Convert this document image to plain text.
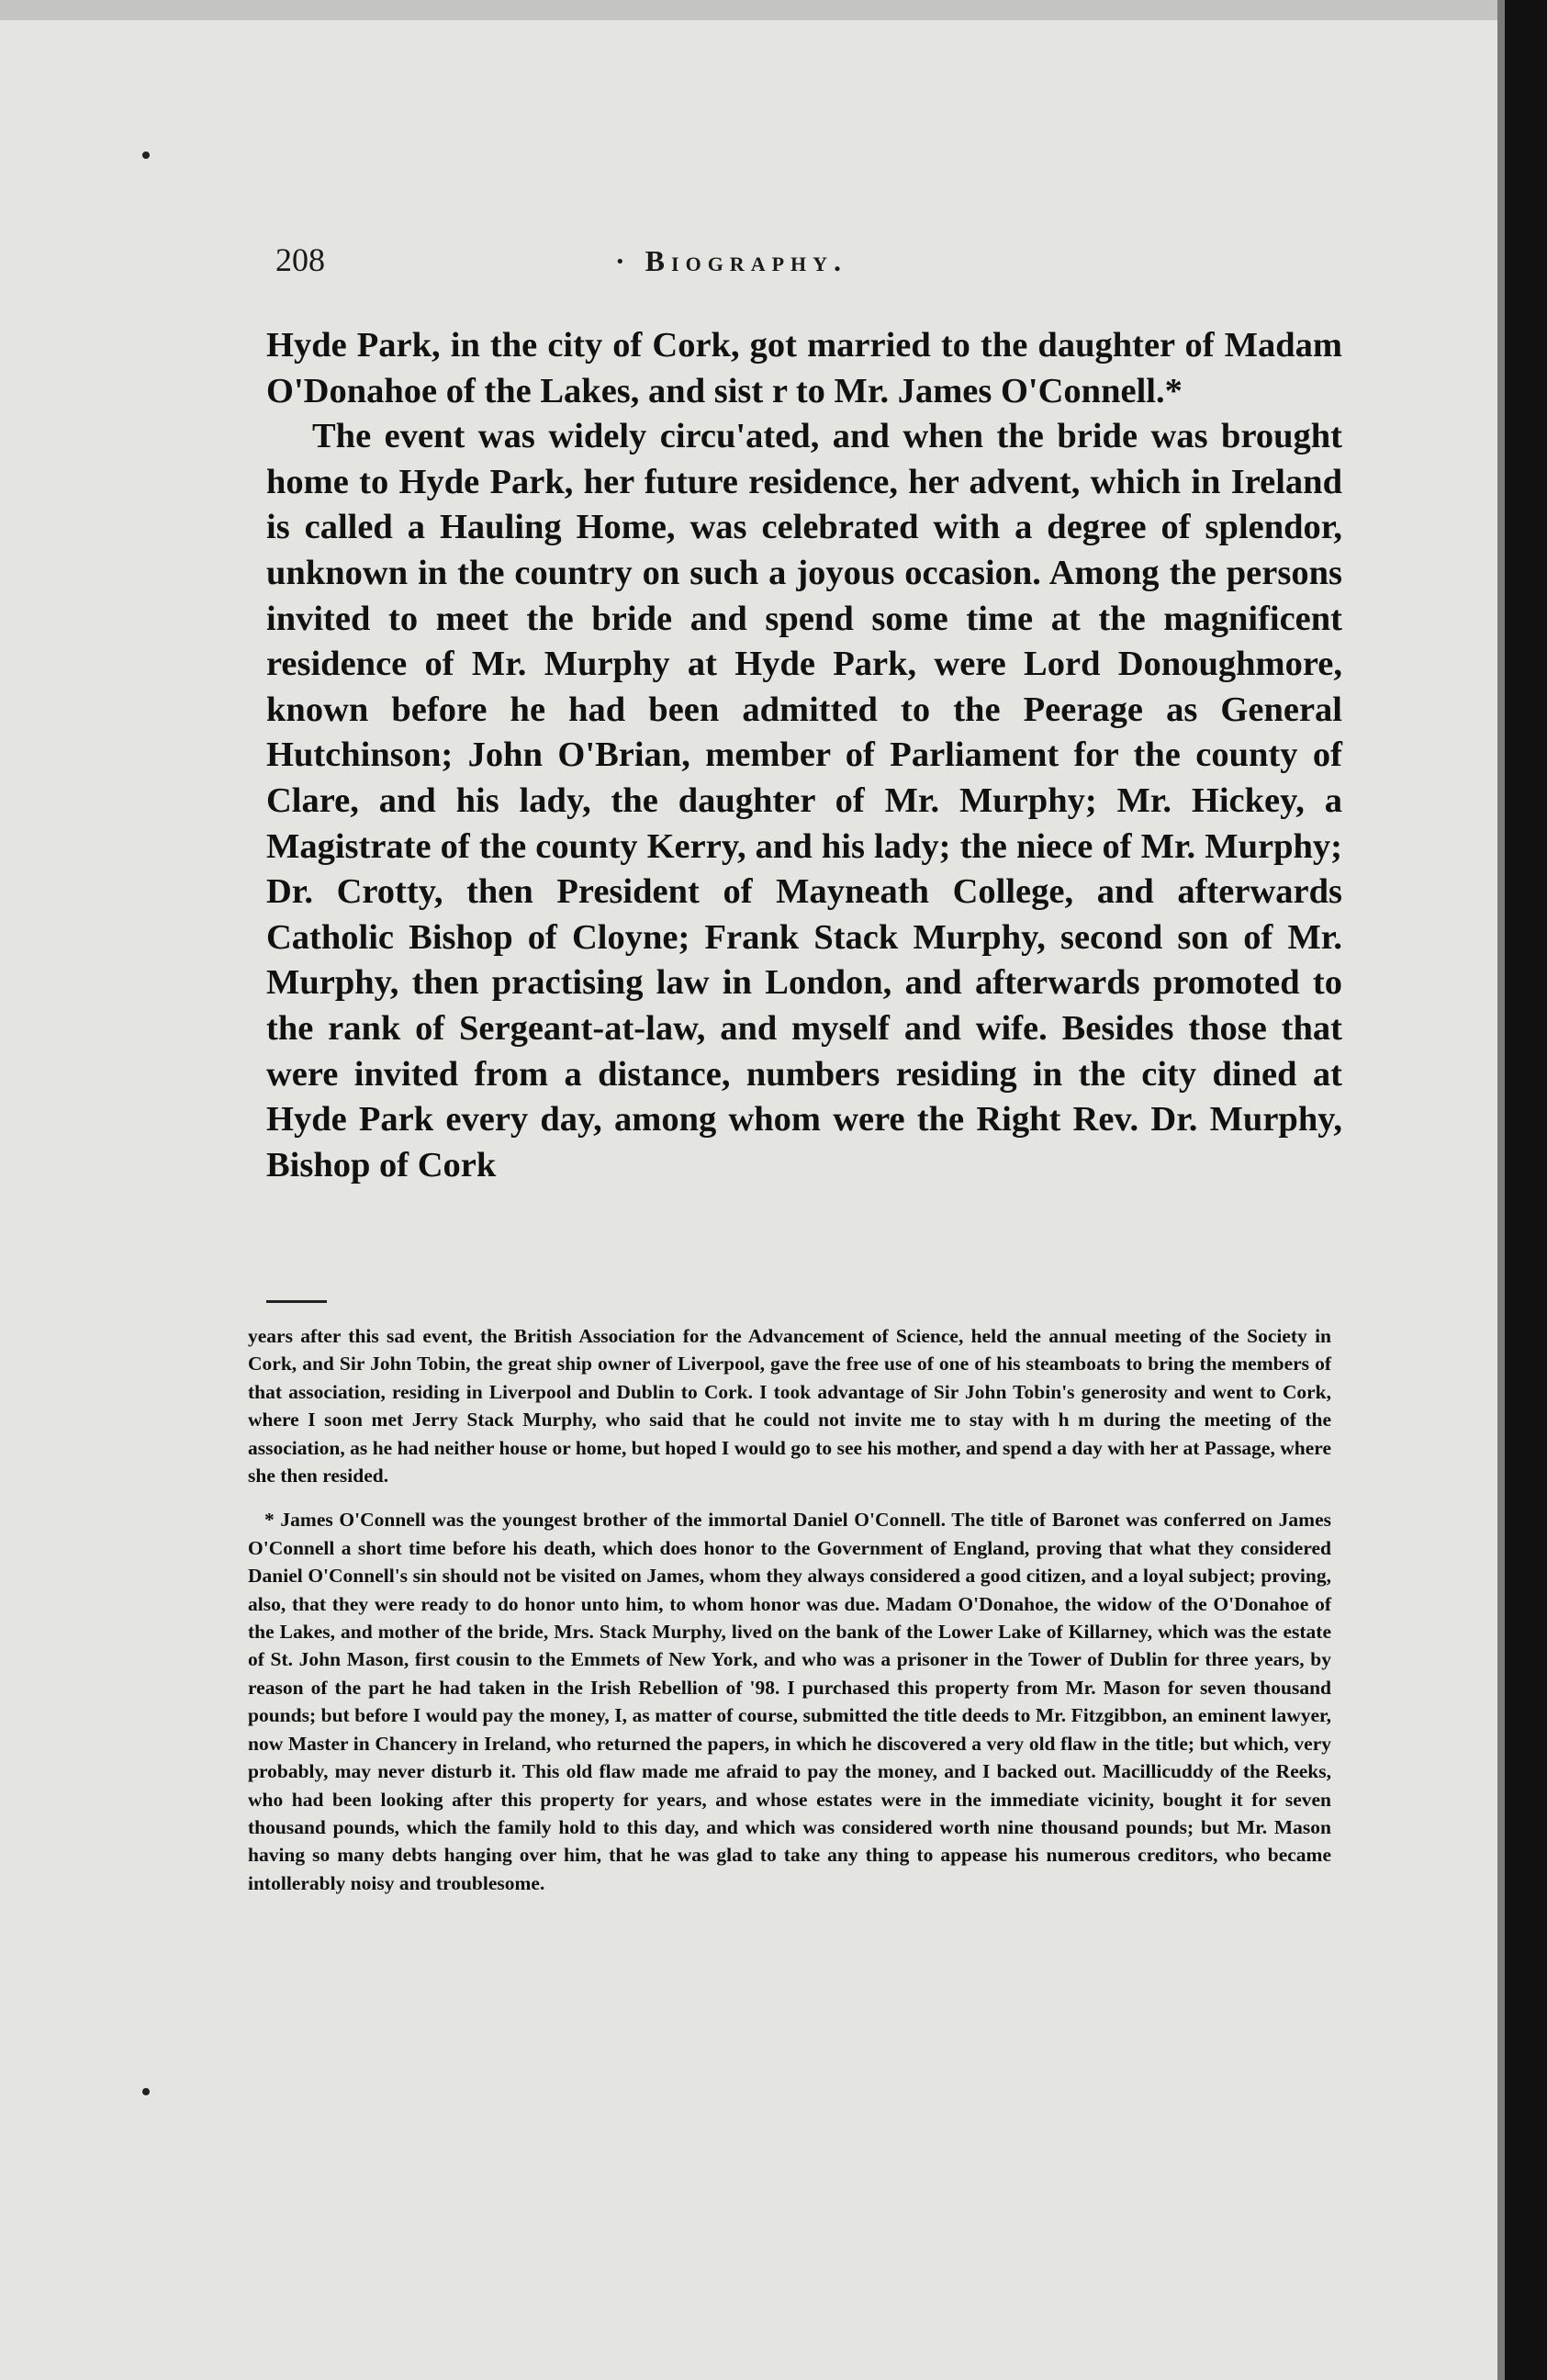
208	· Biography.

Hyde Park, in the city of Cork, got married to the daughter of Madam O'Donahoe of the Lakes, and sist r to Mr. James O'Connell.*

The event was widely circu'ated, and when the bride was brought home to Hyde Park, her future residence, her advent, which in Ireland is called a Hauling Home, was celebrated with a degree of splendor, unknown in the country on such a joyous occasion. Among the persons invited to meet the bride and spend some time at the magnificent residence of Mr. Murphy at Hyde Park, were Lord Donoughmore, known before he had been admitted to the Peerage as General Hutchinson; John O'Brian, member of Parliament for the county of Clare, and his lady, the daughter of Mr. Murphy; Mr. Hickey, a Magistrate of the county Kerry, and his lady; the niece of Mr. Murphy; Dr. Crotty, then President of Mayneath College, and afterwards Catholic Bishop of Cloyne; Frank Stack Murphy, second son of Mr. Murphy, then practising law in London, and afterwards promoted to the rank of Sergeant-at-law, and myself and wife. Besides those that were invited from a distance, numbers residing in the city dined at Hyde Park every day, among whom were the Right Rev. Dr. Murphy, Bishop of Cork

years after this sad event, the British Association for the Advancement of Science, held the annual meeting of the Society in Cork, and Sir John Tobin, the great ship owner of Liverpool, gave the free use of one of his steamboats to bring the members of that association, residing in Liverpool and Dublin to Cork. I took advantage of Sir John Tobin's generosity and went to Cork, where I soon met Jerry Stack Murphy, who said that he could not invite me to stay with h m during the meeting of the association, as he had neither house or home, but hoped I would go to see his mother, and spend a day with her at Passage, where she then resided.

* James O'Connell was the youngest brother of the immortal Daniel O'Connell. The title of Baronet was conferred on James O'Connell a short time before his death, which does honor to the Government of England, proving that what they considered Daniel O'Connell's sin should not be visited on James, whom they always considered a good citizen, and a loyal subject; proving, also, that they were ready to do honor unto him, to whom honor was due. Madam O'Donahoe, the widow of the O'Donahoe of the Lakes, and mother of the bride, Mrs. Stack Murphy, lived on the bank of the Lower Lake of Killarney, which was the estate of St. John Mason, first cousin to the Emmets of New York, and who was a prisoner in the Tower of Dublin for three years, by reason of the part he had taken in the Irish Rebellion of '98. I purchased this property from Mr. Mason for seven thousand pounds; but before I would pay the money, I, as matter of course, submitted the title deeds to Mr. Fitzgibbon, an eminent lawyer, now Master in Chancery in Ireland, who returned the papers, in which he discovered a very old flaw in the title; but which, very probably, may never disturb it. This old flaw made me afraid to pay the money, and I backed out. Macillicuddy of the Reeks, who had been looking after this property for years, and whose estates were in the immediate vicinity, bought it for seven thousand pounds, which the family hold to this day, and which was considered worth nine thousand pounds; but Mr. Mason having so many debts hanging over him, that he was glad to take any thing to appease his numerous creditors, who became intollerably noisy and troublesome.
